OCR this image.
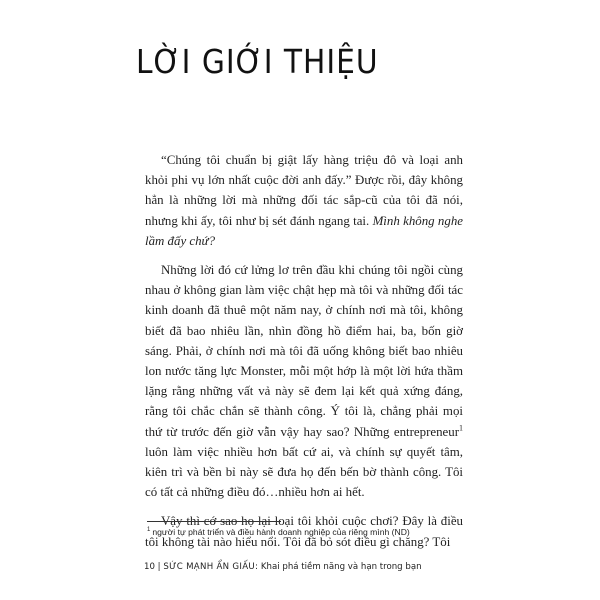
LỜI GIỚI THIỆU

“Chúng tôi chuẩn bị giật lấy hàng triệu đô và loại anh khỏi phi vụ lớn nhất cuộc đời anh đấy.” Được rồi, đây không hẳn là những lời mà những đối tác sắp-cũ của tôi đã nói, nhưng khi ấy, tôi như bị sét đánh ngang tai. Mình không nghe lầm đấy chứ?

Những lời đó cứ lửng lơ trên đầu khi chúng tôi ngồi cùng nhau ở không gian làm việc chật hẹp mà tôi và những đối tác kinh doanh đã thuê một năm nay, ở chính nơi mà tôi, không biết đã bao nhiêu lần, nhìn đồng hồ điểm hai, ba, bốn giờ sáng. Phải, ở chính nơi mà tôi đã uống không biết bao nhiêu lon nước tăng lực Monster, mỗi một hớp là một lời hứa thầm lặng rằng những vất vả này sẽ đem lại kết quả xứng đáng, rằng tôi chắc chắn sẽ thành công. Ý tôi là, chẳng phải mọi thứ từ trước đến giờ vẫn vậy hay sao? Những entrepreneur$^1$ luôn làm việc nhiều hơn bất cứ ai, và chính sự quyết tâm, kiên trì và bền bỉ này sẽ đưa họ đến bến bờ thành công. Tôi có tất cả những điều đó…nhiều hơn ai hết.

Vậy thì cớ sao họ lại loại tôi khỏi cuộc chơi? Đây là điều tôi không tài nào hiểu nổi. Tôi đã bỏ sót điều gì chăng? Tôi

$^1$ người tự phát triển và điều hành doanh nghiệp của riêng mình (ND)
10 | SỨC MẠNH ẨN GIẤU: Khai phá tiềm năng và hạn trong bạn
